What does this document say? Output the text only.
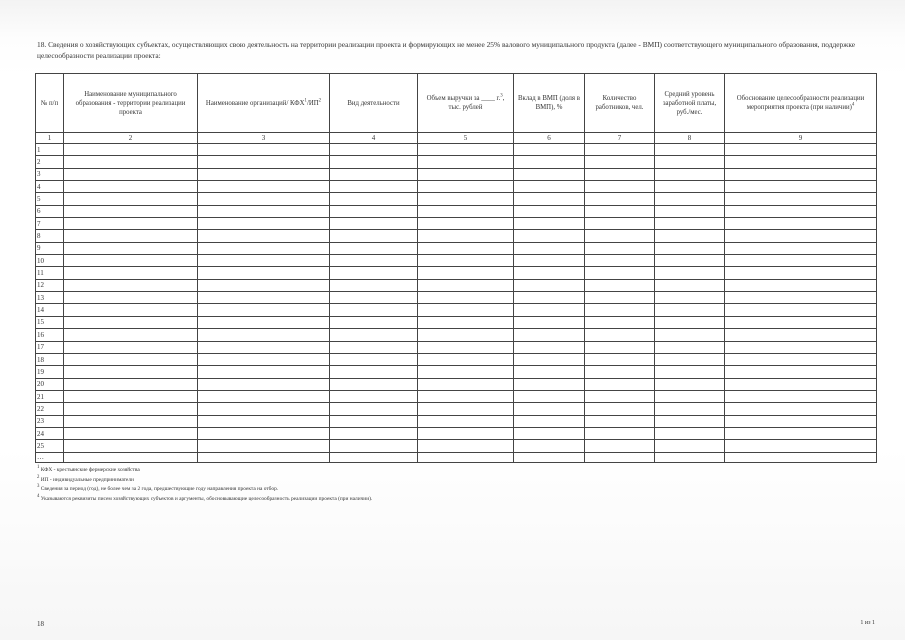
18. Сведения о хозяйствующих субъектах, осуществляющих свою деятельность на территории реализации проекта и формирующих не менее 25% валового муниципального продукта (далее - ВМП) соответствующего муниципального образования, поддержке целесообразности реализации проекта:
№ п/п	Наименование муниципального образования - территории реализации проекта	Наименование организаций/ $КФХ^1/ИП^2$	Вид деятельности	Объем выручки за ____ г.$^3$, тыс. рублей	Вклад в ВМП (доля в ВМП), %	Количество работников, чел.	Средний уровень заработной платы, руб./мес.	Обоснование целесообразности реализации мероприятия проекта (при наличии)$^4$
1	2	3	4	5	6	7	8	9
1								
2								
3								
4								
5								
6								
7								
8								
9								
10								
11								
12								
13								
14								
15								
16								
17								
18								
19								
20								
21								
22								
23								
24								
25								
…								
$^1$ КФХ - крестьянские фермерские хозяйства
$^2$ ИП - индивидуальные предприниматели
$^3$ Сведения за период (год), не более чем за 2 года, предшествующие году направления проекта на отбор.
$^4$ Указываются реквизиты писем хозяйствующих субъектов и аргументы, обосновывающие целесообразность реализации проекта (при наличии).
18	1 из 1
